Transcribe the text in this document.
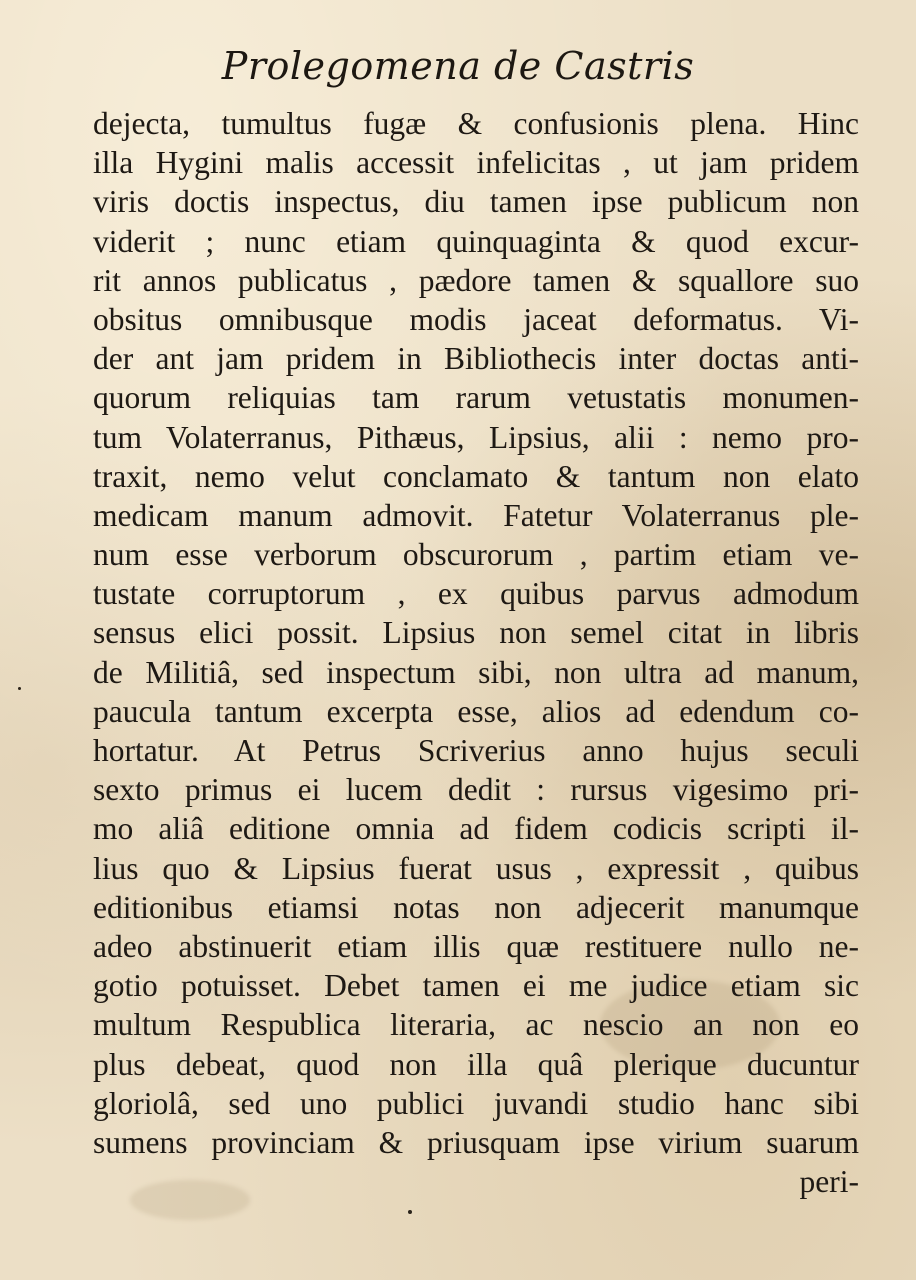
Prolegomena de Castris
dejecta, tumultus fugæ & confusionis plena. Hinc
illa Hygini malis accessit infelicitas , ut jam pridem
viris doctis inspectus, diu tamen ipse publicum non
viderit ; nunc etiam quinquaginta & quod excur-
rit annos publicatus , pædore tamen & squallore suo
obsitus omnibusque modis jaceat deformatus. Vi-
der ant jam pridem in Bibliothecis inter doctas anti-
quorum reliquias tam rarum vetustatis monumen-
tum Volaterranus, Pithæus, Lipsius, alii : nemo pro-
traxit, nemo velut conclamato & tantum non elato
medicam manum admovit. Fatetur Volaterranus ple-
num esse verborum obscurorum , partim etiam ve-
tustate corruptorum , ex quibus parvus admodum
sensus elici possit. Lipsius non semel citat in libris
de Militiâ, sed inspectum sibi, non ultra ad manum,
paucula tantum excerpta esse, alios ad edendum co-
hortatur. At Petrus Scriverius anno hujus seculi
sexto primus ei lucem dedit : rursus vigesimo pri-
mo aliâ editione omnia ad fidem codicis scripti il-
lius quo & Lipsius fuerat usus , expressit , quibus
editionibus etiamsi notas non adjecerit manumque
adeo abstinuerit etiam illis quæ restituere nullo ne-
gotio potuisset. Debet tamen ei me judice etiam sic
multum Respublica literaria, ac nescio an non eo
plus debeat, quod non illa quâ plerique ducuntur
gloriolâ, sed uno publici juvandi studio hanc sibi
sumens provinciam & priusquam ipse virium suarum
peri-
